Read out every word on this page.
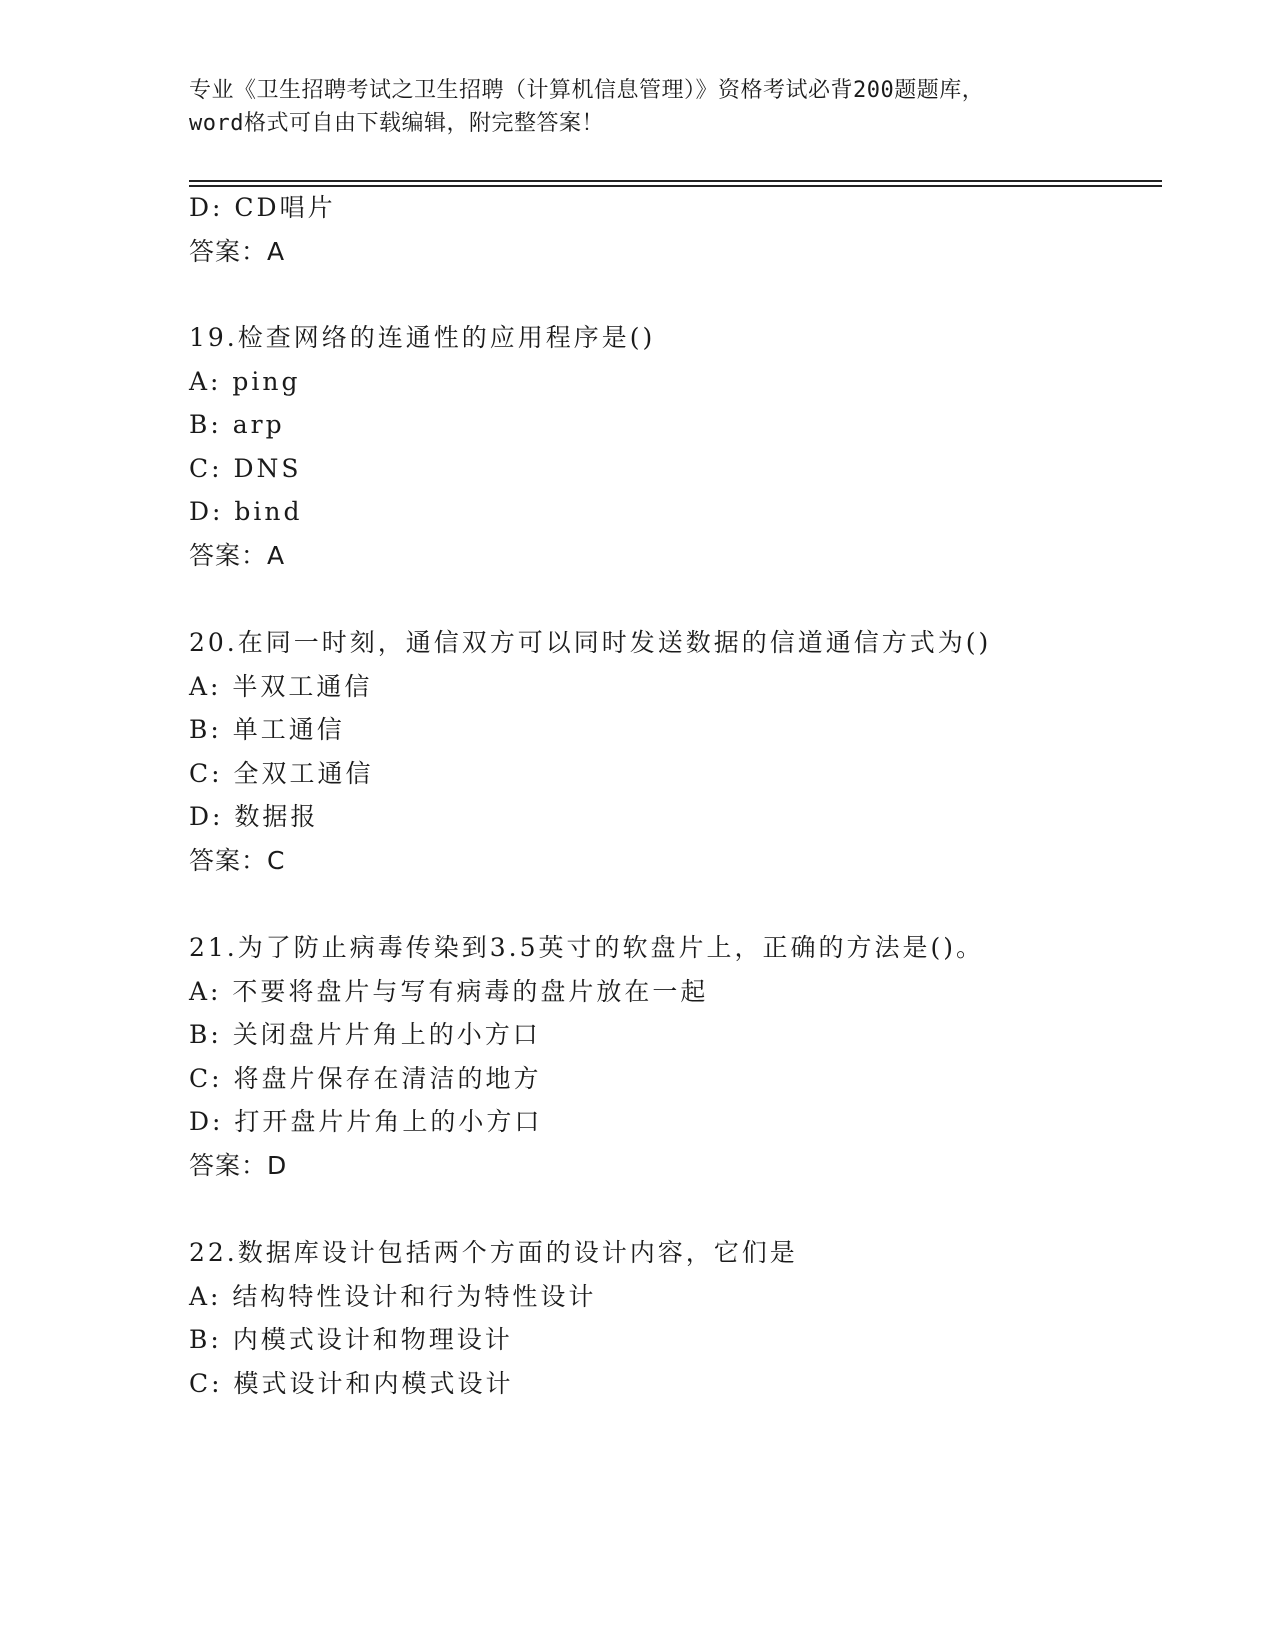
专业《卫生招聘考试之卫生招聘（计算机信息管理）》资格考试必背200题题库，
word格式可自由下载编辑，附完整答案！
D: CD唱片
答案：A
19.检查网络的连通性的应用程序是()
A: ping
B: arp
C: DNS
D: bind
答案：A
20.在同一时刻，通信双方可以同时发送数据的信道通信方式为()
A: 半双工通信
B: 单工通信
C: 全双工通信
D: 数据报
答案：C
21.为了防止病毒传染到3.5英寸的软盘片上，正确的方法是()。
A: 不要将盘片与写有病毒的盘片放在一起
B: 关闭盘片片角上的小方口
C: 将盘片保存在清洁的地方
D: 打开盘片片角上的小方口
答案：D
22.数据库设计包括两个方面的设计内容，它们是
A: 结构特性设计和行为特性设计
B: 内模式设计和物理设计
C: 模式设计和内模式设计
